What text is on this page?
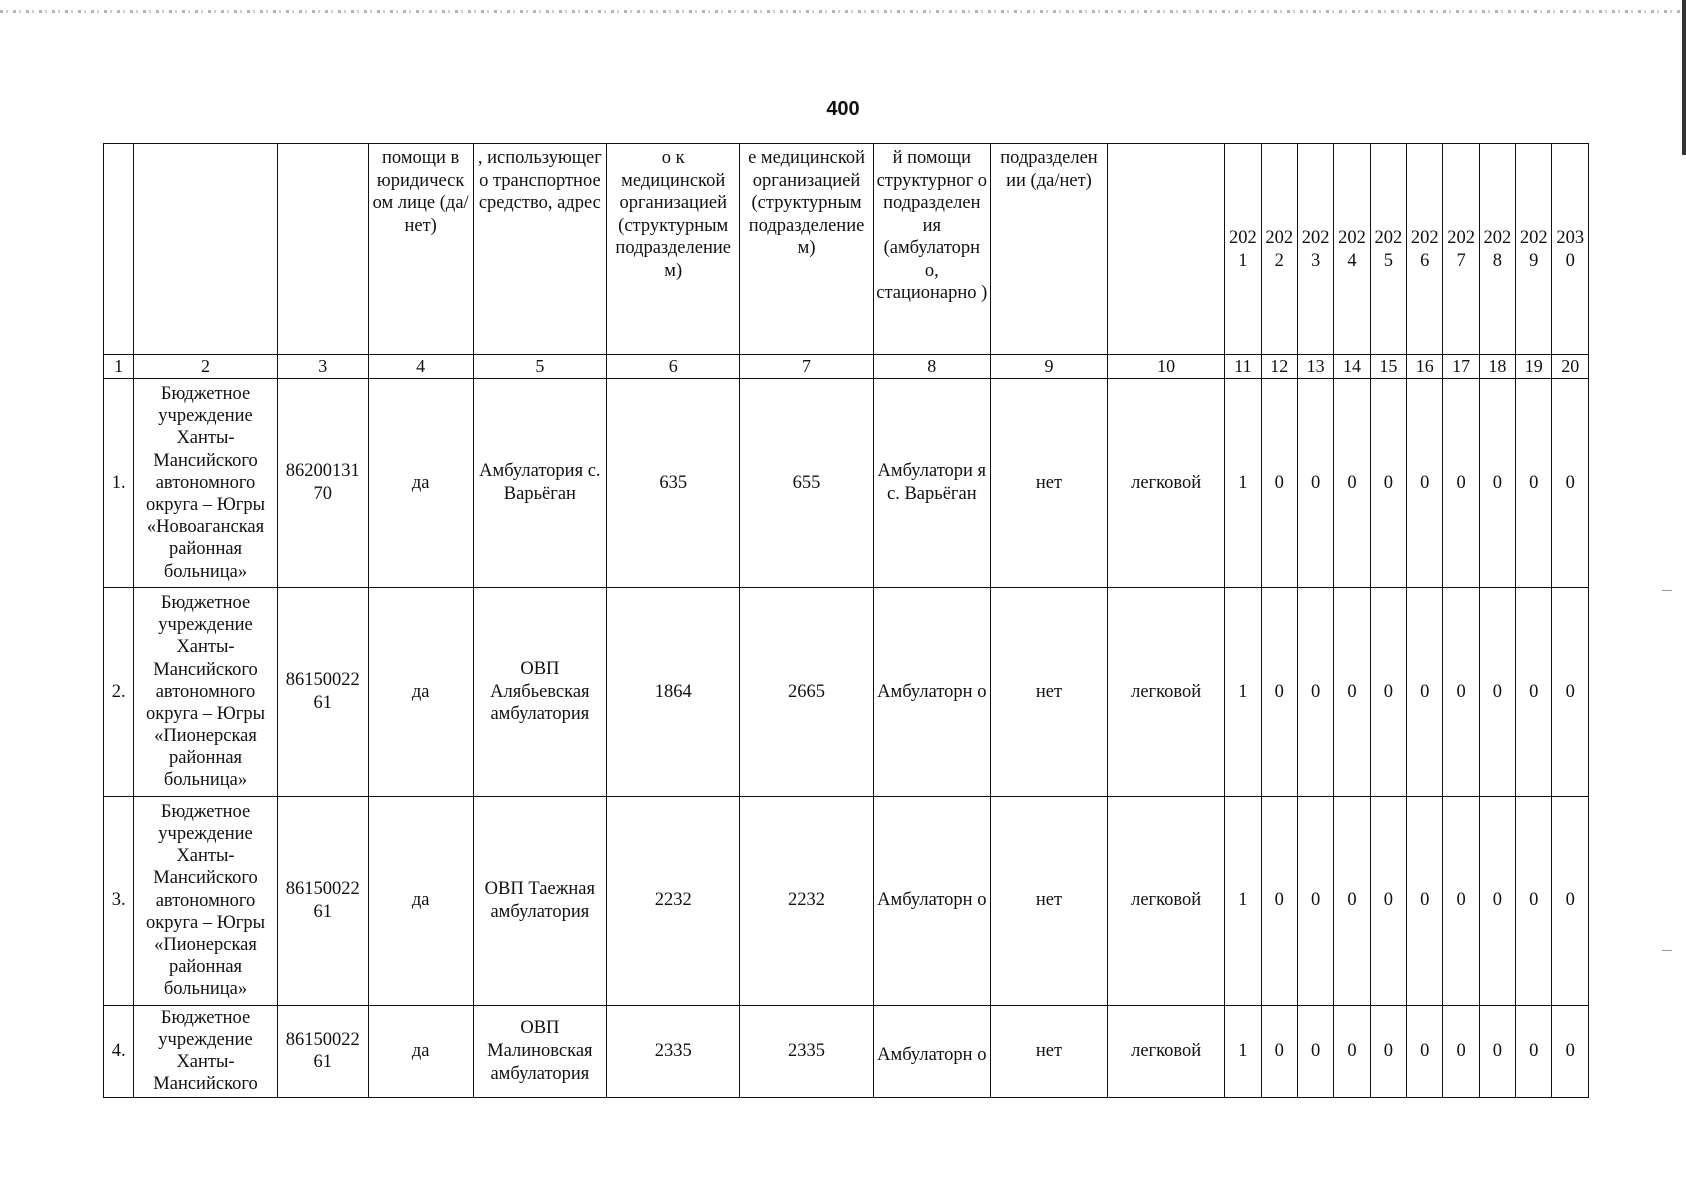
400
			помощи в юридическ ом лице (да/нет)	, использующег о транспортное средство, адрес	о к медицинской организацией (структурным подразделение м)	е медицинской организацией (структурным подразделение м)	й помощи структурног о подразделен ия (амбулаторн о, стационарно )	подразделен ии (да/нет)		202 1	202 2	202 3	202 4	202 5	202 6	202 7	202 8	202 9	203 0
1	2	3	4	5	6	7	8	9	10	11	12	13	14	15	16	17	18	19	20
1.	Бюджетное учреждение Ханты-Мансийского автономного округа – Югры «Новоаганская районная больница»	86200131 70	да	Амбулатория с. Варьёган	635	655	Амбулатори я с. Варьёган	нет	легковой	1	0	0	0	0	0	0	0	0	0
2.	Бюджетное учреждение Ханты-Мансийского автономного округа – Югры «Пионерская районная больница»	86150022 61	да	ОВП Алябьевская амбулатория	1864	2665	Амбулаторн о	нет	легковой	1	0	0	0	0	0	0	0	0	0
3.	Бюджетное учреждение Ханты-Мансийского автономного округа – Югры «Пионерская районная больница»	86150022 61	да	ОВП Таежная амбулатория	2232	2232	Амбулаторн о	нет	легковой	1	0	0	0	0	0	0	0	0	0
4.	Бюджетное учреждение Ханты-Мансийского	86150022 61	да	ОВП Малиновская амбулатория	2335	2335	Амбулаторн о	нет	легковой	1	0	0	0	0	0	0	0	0	0
